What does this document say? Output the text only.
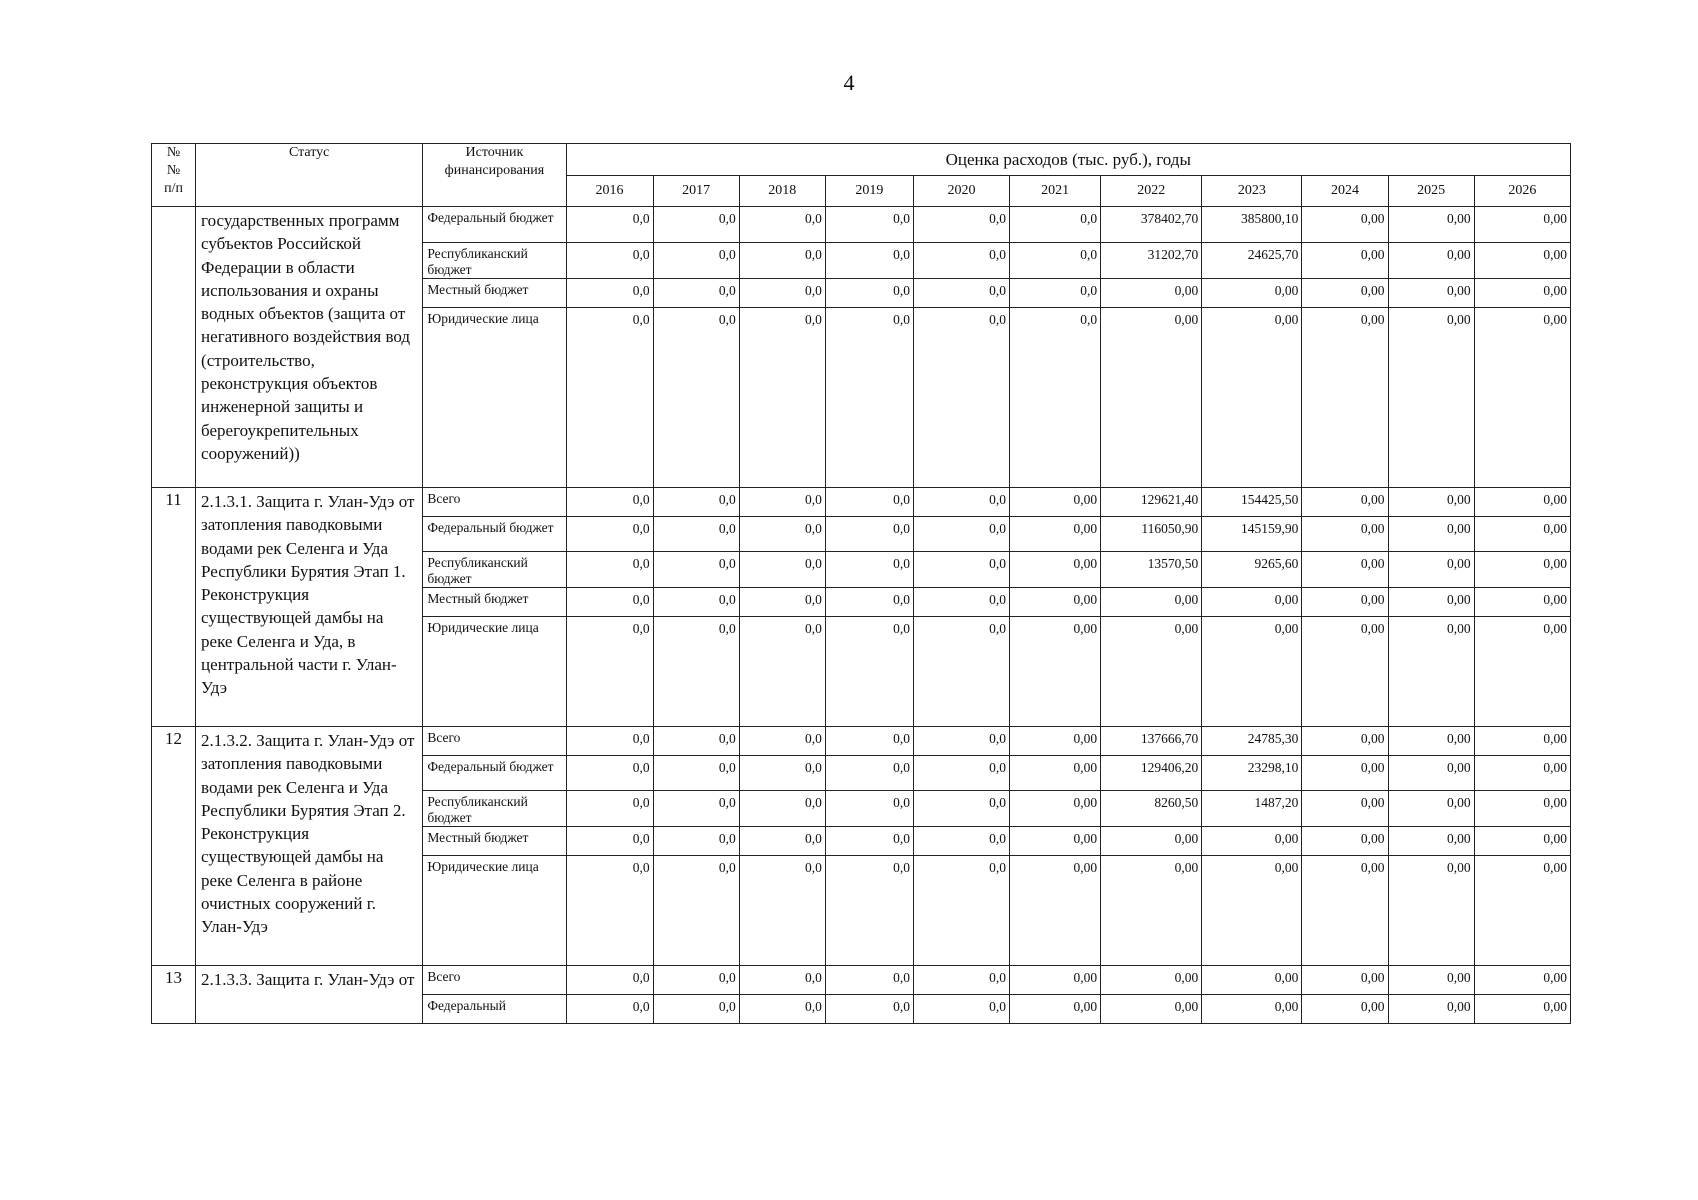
4
№
№
п/п	Статус	Источник финансирования	Оценка расходов (тыс. руб.), годы										
			2016	2017	2018	2019	2020	2021	2022	2023	2024	2025	2026
	государственных программ субъектов Российской Федерации в области использования и охраны водных объектов (защита от негативного воздействия вод (строительство, реконструкция объектов инженерной защиты и берегоукрепительных сооружений))	Федеральный бюджет	0,0	0,0	0,0	0,0	0,0	0,0	378402,70	385800,10	0,00	0,00	0,00
		Республиканский бюджет	0,0	0,0	0,0	0,0	0,0	0,0	31202,70	24625,70	0,00	0,00	0,00
		Местный бюджет	0,0	0,0	0,0	0,0	0,0	0,0	0,00	0,00	0,00	0,00	0,00
		Юридические лица	0,0	0,0	0,0	0,0	0,0	0,0	0,00	0,00	0,00	0,00	0,00
11	2.1.3.1. Защита г. Улан-Удэ от затопления паводковыми водами рек Селенга и Уда Республики Бурятия Этап 1. Реконструкция существующей дамбы на реке Селенга и Уда, в центральной части г. Улан-Удэ	Всего	0,0	0,0	0,0	0,0	0,0	0,00	129621,40	154425,50	0,00	0,00	0,00
		Федеральный бюджет	0,0	0,0	0,0	0,0	0,0	0,00	116050,90	145159,90	0,00	0,00	0,00
		Республиканский бюджет	0,0	0,0	0,0	0,0	0,0	0,00	13570,50	9265,60	0,00	0,00	0,00
		Местный бюджет	0,0	0,0	0,0	0,0	0,0	0,00	0,00	0,00	0,00	0,00	0,00
		Юридические лица	0,0	0,0	0,0	0,0	0,0	0,00	0,00	0,00	0,00	0,00	0,00
12	2.1.3.2. Защита г. Улан-Удэ от затопления паводковыми водами рек Селенга и Уда Республики Бурятия Этап 2. Реконструкция существующей дамбы на реке Селенга в районе очистных сооружений г. Улан-Удэ	Всего	0,0	0,0	0,0	0,0	0,0	0,00	137666,70	24785,30	0,00	0,00	0,00
		Федеральный бюджет	0,0	0,0	0,0	0,0	0,0	0,00	129406,20	23298,10	0,00	0,00	0,00
		Республиканский бюджет	0,0	0,0	0,0	0,0	0,0	0,00	8260,50	1487,20	0,00	0,00	0,00
		Местный бюджет	0,0	0,0	0,0	0,0	0,0	0,00	0,00	0,00	0,00	0,00	0,00
		Юридические лица	0,0	0,0	0,0	0,0	0,0	0,00	0,00	0,00	0,00	0,00	0,00
13	2.1.3.3. Защита г. Улан-Удэ от	Всего	0,0	0,0	0,0	0,0	0,0	0,00	0,00	0,00	0,00	0,00	0,00
		Федеральный	0,0	0,0	0,0	0,0	0,0	0,00	0,00	0,00	0,00	0,00	0,00
